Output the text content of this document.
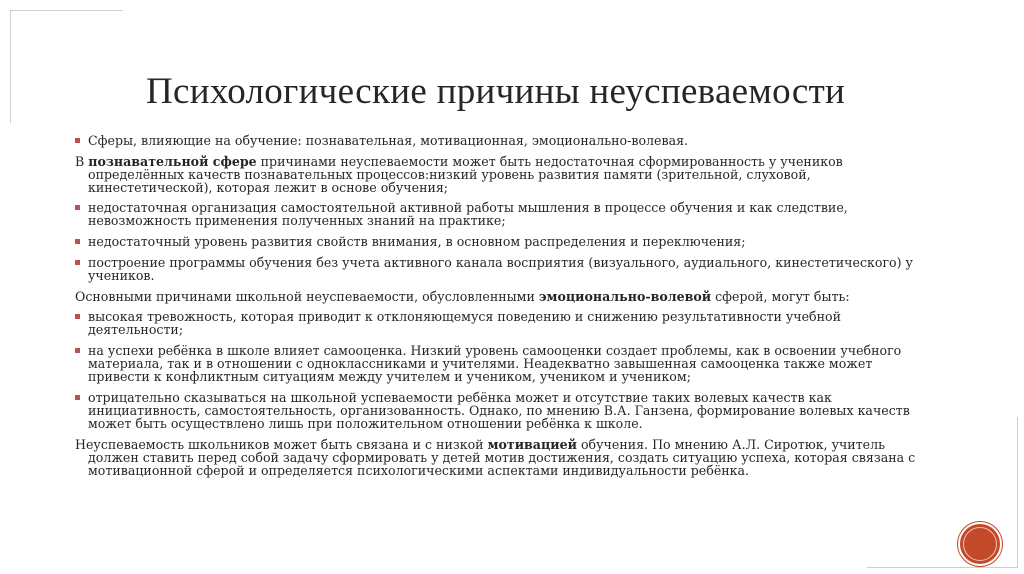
Психологические причины неуспеваемости
Сферы, влияющие на обучение: познавательная, мотивационная, эмоционально-волевая.

В познавательной сфере причинами неуспеваемости может быть недостаточная сформированность у учеников
определённых качеств познавательных процессов:низкий уровень развития памяти (зрительной, слуховой, кинестетической), которая лежит в основе обучения;

недостаточная организация самостоятельной активной работы мышления в процессе обучения и как следствие, невозможность применения полученных знаний на практике;
недостаточный уровень развития свойств внимания, в основном распределения и переключения;
построение программы обучения без учета активного канала восприятия (визуального, аудиального, кинестетического) у учеников.

Основными причинами школьной неуспеваемости, обусловленными эмоционально-волевой сферой, могут быть:

высокая тревожность, которая приводит к отклоняющемуся поведению и снижению результативности учебной деятельности;
на успехи ребёнка в школе влияет самооценка. Низкий уровень самооценки создает проблемы, как в освоении учебного материала, так и в отношении с одноклассниками и учителями. Неадекватно завышенная самооценка также может привести к конфликтным ситуациям между учителем и учеником, учеником и учеником;
отрицательно сказываться на школьной успеваемости ребёнка может и отсутствие таких волевых качеств как инициативность, самостоятельность, организованность. Однако, по мнению В.А. Ганзена, формирование волевых качеств может быть осуществлено лишь при положительном отношении ребёнка к школе.

Неуспеваемость школьников может быть связана и с низкой мотивацией обучения. По мнению А.Л. Сиротюк, учитель
должен ставить перед собой задачу сформировать у детей мотив достижения, создать ситуацию успеха, которая связана с мотивационной сферой и определяется психологическими аспектами индивидуальности ребёнка.
